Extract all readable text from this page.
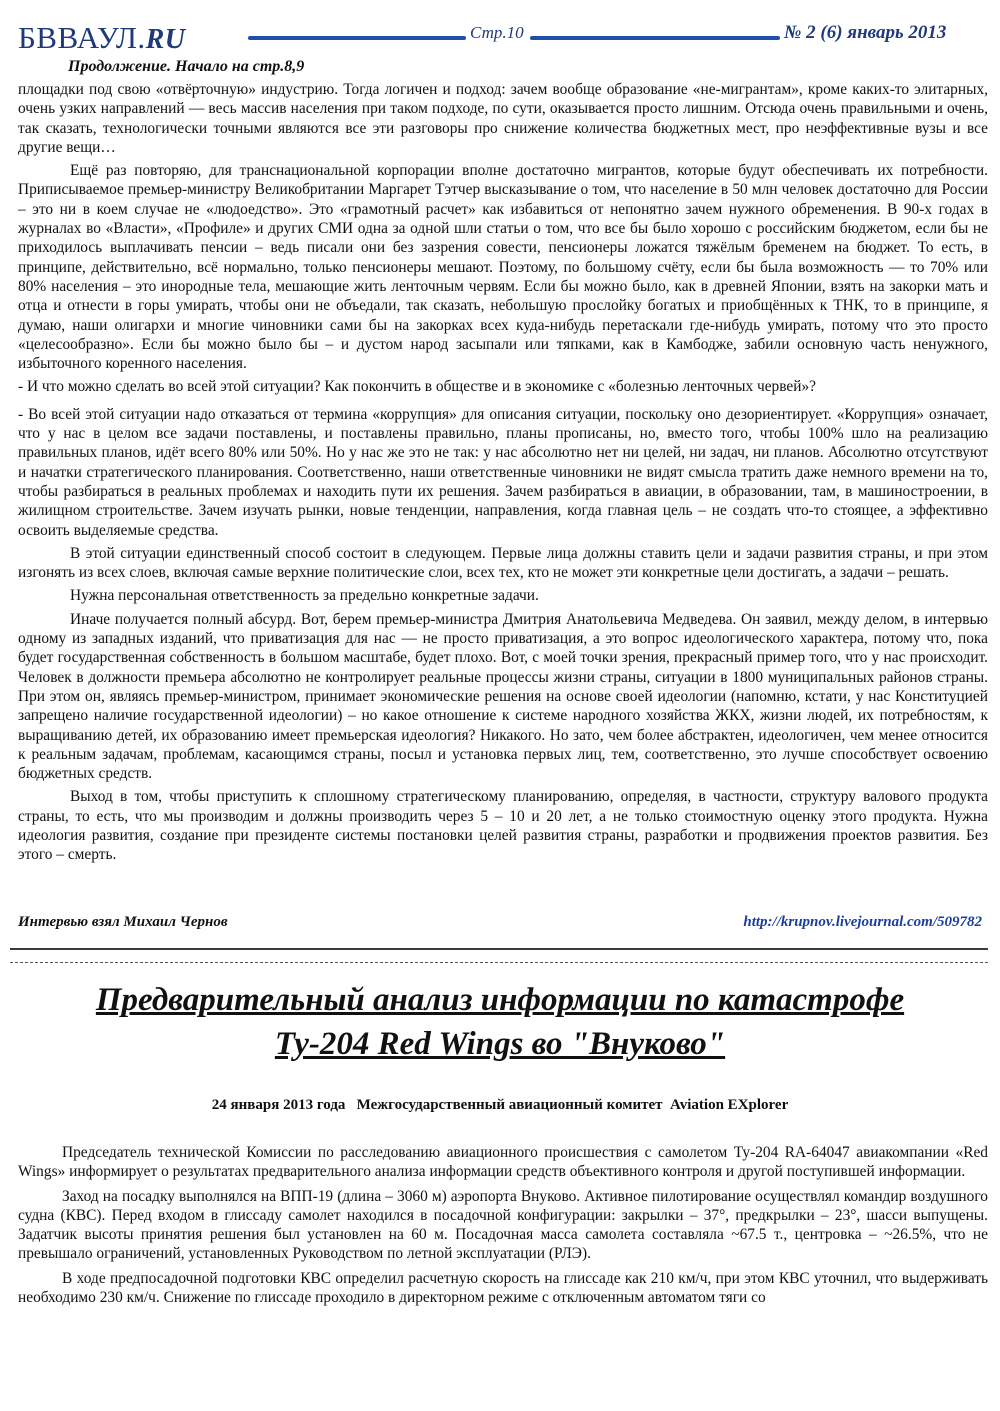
БВВАУЛ.RU	Стр.10	№ 2 (6) январь 2013
Продолжение. Начало на стр.8,9

площадки под свою «отвёрточную» индустрию. Тогда логичен и подход: зачем вообще образование «не-мигрантам», кроме каких-то элитарных, очень узких направлений — весь массив населения при таком подходе, по сути, оказывается просто лишним. Отсюда очень правильными и очень, так сказать, технологически точными являются все эти разговоры про снижение количества бюджетных мест, про неэффективные вузы и все другие вещи…

Ещё раз повторяю, для транснациональной корпорации вполне достаточно мигрантов, которые будут обеспечивать их потребности. Приписываемое премьер-министру Великобритании Маргарет Тэтчер высказывание о том, что население в 50 млн человек достаточно для России – это ни в коем случае не «людоедство». Это «грамотный расчет» как избавиться от непонятно зачем нужного обременения. В 90-х годах в журналах во «Власти», «Профиле» и других СМИ одна за одной шли статьи о том, что все бы было хорошо с российским бюджетом, если бы не приходилось выплачивать пенсии – ведь писали они без зазрения совести, пенсионеры ложатся тяжёлым бременем на бюджет. То есть, в принципе, действительно, всё нормально, только пенсионеры мешают. Поэтому, по большому счёту, если бы была возможность — то 70% или 80% населения – это инородные тела, мешающие жить ленточным червям. Если бы можно было, как в древней Японии, взять на закорки мать и отца и отнести в горы умирать, чтобы они не объедали, так сказать, небольшую прослойку богатых и приобщённых к ТНК, то в принципе, я думаю, наши олигархи и многие чиновники сами бы на закорках всех куда-нибудь перетаскали где-нибудь умирать, потому что это просто «целесообразно». Если бы можно было бы – и дустом народ засыпали или тяпками, как в Камбодже, забили основную часть ненужного, избыточного коренного населения.

- И что можно сделать во всей этой ситуации? Как покончить в обществе и в экономике с «болезнью ленточных червей»?

- Во всей этой ситуации надо отказаться от термина «коррупция» для описания ситуации, поскольку оно дезориентирует. «Коррупция» означает, что у нас в целом все задачи поставлены, и поставлены правильно, планы прописаны, но, вместо того, чтобы 100% шло на реализацию правильных планов, идёт всего 80% или 50%. Но у нас же это не так: у нас абсолютно нет ни целей, ни задач, ни планов. Абсолютно отсутствуют и начатки стратегического планирования. Соответственно, наши ответственные чиновники не видят смысла тратить даже немного времени на то, чтобы разбираться в реальных проблемах и находить пути их решения. Зачем разбираться в авиации, в образовании, там, в машиностроении, в жилищном строительстве. Зачем изучать рынки, новые тенденции, направления, когда главная цель – не создать что-то стоящее, а эффективно освоить выделяемые средства.

В этой ситуации единственный способ состоит в следующем. Первые лица должны ставить цели и задачи развития страны, и при этом изгонять из всех слоев, включая самые верхние политические слои, всех тех, кто не может эти конкретные цели достигать, а задачи – решать.

Нужна персональная ответственность за предельно конкретные задачи.

Иначе получается полный абсурд. Вот, берем премьер-министра Дмитрия Анатольевича Медведева. Он заявил, между делом, в интервью одному из западных изданий, что приватизация для нас — не просто приватизация, а это вопрос идеологического характера, потому что, пока будет государственная собственность в большом масштабе, будет плохо. Вот, с моей точки зрения, прекрасный пример того, что у нас происходит. Человек в должности премьера абсолютно не контролирует реальные процессы жизни страны, ситуации в 1800 муниципальных районов страны. При этом он, являясь премьер-министром, принимает экономические решения на основе своей идеологии (напомню, кстати, у нас Конституцией запрещено наличие государственной идеологии) – но какое отношение к системе народного хозяйства ЖКХ, жизни людей, их потребностям, к выращиванию детей, их образованию имеет премьерская идеология? Никакого. Но зато, чем более абстрактен, идеологичен, чем менее относится к реальным задачам, проблемам, касающимся страны, посыл и установка первых лиц, тем, соответственно, это лучше способствует освоению бюджетных средств.

Выход в том, чтобы приступить к сплошному стратегическому планированию, определяя, в частности, структуру валового продукта страны, то есть, что мы производим и должны производить через 5 – 10 и 20 лет, а не только стоимостную оценку этого продукта. Нужна идеология развития, создание при президенте системы постановки целей развития страны, разработки и продвижения проектов развития. Без этого – смерть.

Интервью взял Михаил Чернов	http://krupnov.livejournal.com/509782
Предварительный анализ информации по катастрофе
Ту-204 Red Wings во "Внуково"
24 января 2013 года   Межгосударственный авиационный комитет  Aviation EXplorer

Председатель технической Комиссии по расследованию авиационного происшествия с самолетом Ту-204 RA-64047 авиакомпании «Red Wings» информирует о результатах предварительного анализа информации средств объективного контроля и другой поступившей информации.

Заход на посадку выполнялся на ВПП-19 (длина – 3060 м) аэропорта Внуково. Активное пилотирование осуществлял командир воздушного судна (КВС). Перед входом в глиссаду самолет находился в посадочной конфигурации: закрылки – 37°, предкрылки – 23°, шасси выпущены. Задатчик высоты принятия решения был установлен на 60 м. Посадочная масса самолета составляла ~67.5 т., центровка – ~26.5%, что не превышало ограничений, установленных Руководством по летной эксплуатации (РЛЭ).

В ходе предпосадочной подготовки КВС определил расчетную скорость на глиссаде как 210 км/ч, при этом КВС уточнил, что выдерживать необходимо 230 км/ч. Снижение по глиссаде проходило в директорном режиме с отключенным автоматом тяги со
